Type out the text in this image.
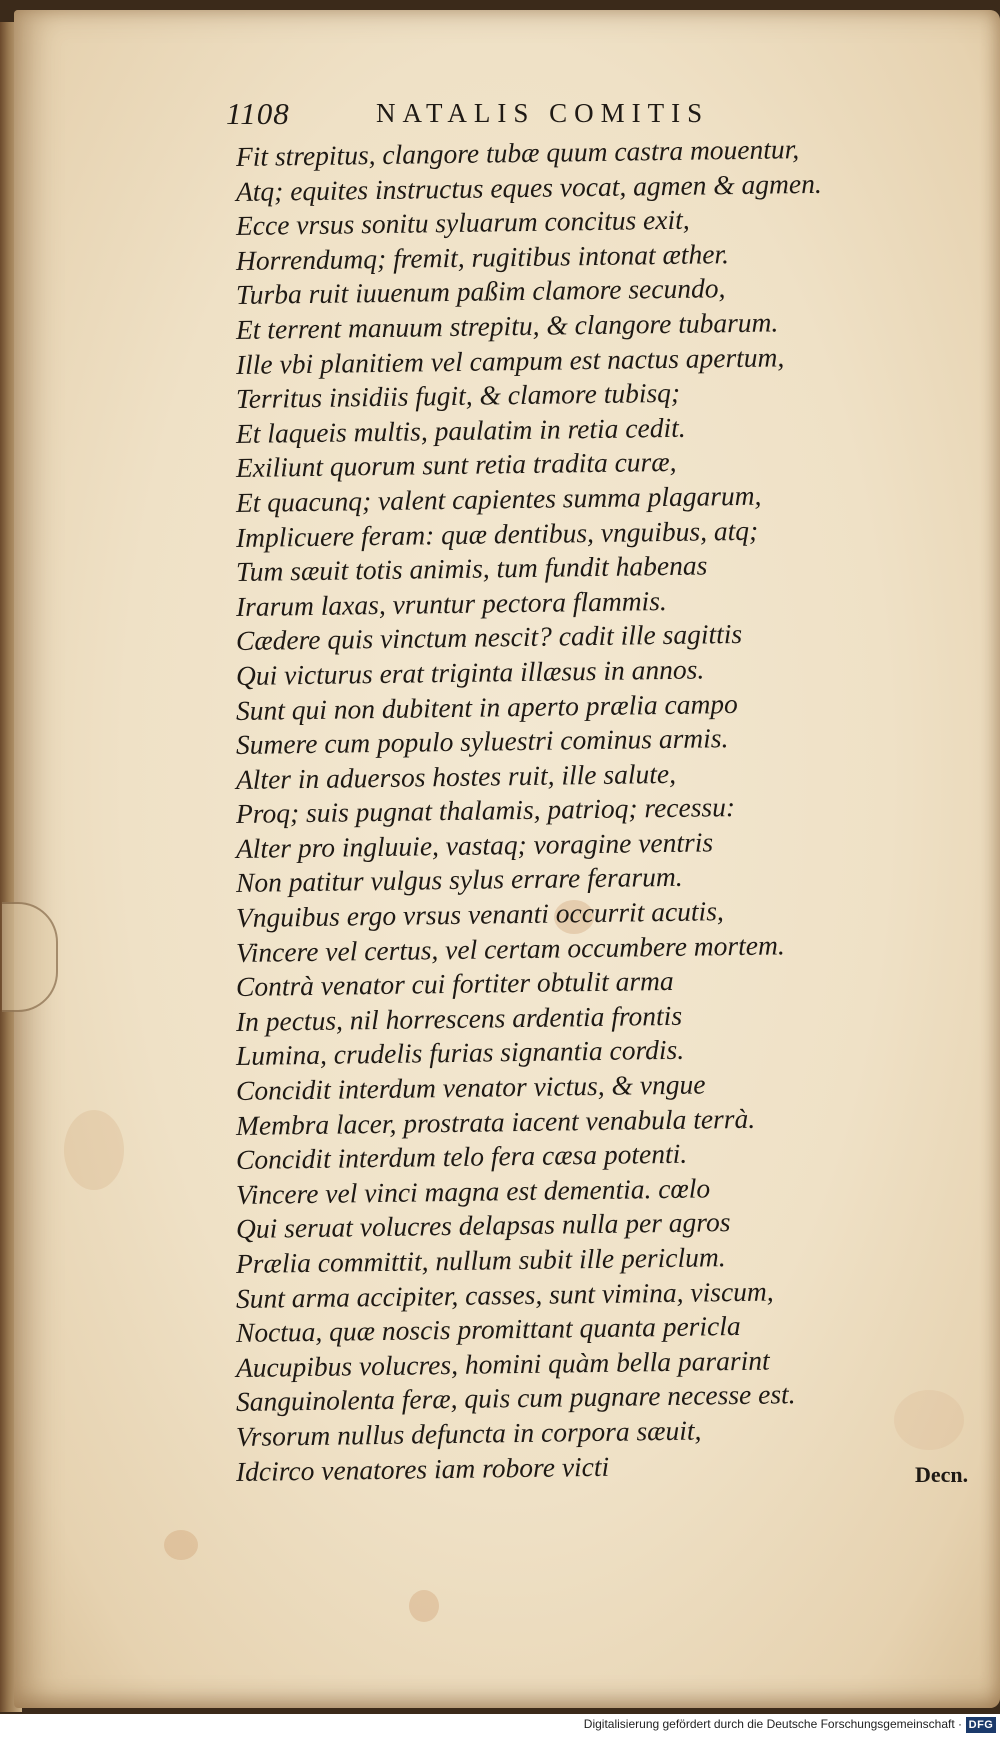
1108	NATALIS COMITIS
Fit strepitus, clangore tubæ quum castra mouentur,
Atq; equites instructus eques vocat, agmen & agmen.
Ecce vrsus sonitu syluarum concitus exit,
Horrendumq; fremit, rugitibus intonat æther.
Turba ruit iuuenum paßim clamore secundo,
Et terrent manuum strepitu, & clangore tubarum.
Ille vbi planitiem vel campum est nactus apertum,
Territus insidiis fugit, & clamore tubisq;
Et laqueis multis, paulatim in retia cedit.
Exiliunt quorum sunt retia tradita curæ,
Et quacunq; valent capientes summa plagarum,
Implicuere feram: quæ dentibus, vnguibus, atq;
Tum sæuit totis animis, tum fundit habenas
Irarum laxas, vruntur pectora flammis.
Cædere quis vinctum nescit? cadit ille sagittis
Qui victurus erat triginta illæsus in annos.
Sunt qui non dubitent in aperto prælia campo
Sumere cum populo syluestri cominus armis.
Alter in aduersos hostes ruit, ille salute,
Proq; suis pugnat thalamis, patrioq; recessu:
Alter pro ingluuie, vastaq; voragine ventris
Non patitur vulgus sylus errare ferarum.
Vnguibus ergo vrsus venanti occurrit acutis,
Vincere vel certus, vel certam occumbere mortem.
Contrà venator cui fortiter obtulit arma
In pectus, nil horrescens ardentia frontis
Lumina, crudelis furias signantia cordis.
Concidit interdum venator victus, & vngue
Membra lacer, prostrata iacent venabula terrà.
Concidit interdum telo fera cæsa potenti.
Vincere vel vinci magna est dementia. cœlo
Qui seruat volucres delapsas nulla per agros
Prælia committit, nullum subit ille periclum.
Sunt arma accipiter, casses, sunt vimina, viscum,
Noctua, quæ noscis promittant quanta pericla
Aucupibus volucres, homini quàm bella pararint
Sanguinolenta feræ, quis cum pugnare necesse est.
Vrsorum nullus defuncta in corpora sæuit,
Idcirco venatores iam robore victi	Decn.
Digitalisierung gefördert durch die Deutsche Forschungsgemeinschaft · DFG
